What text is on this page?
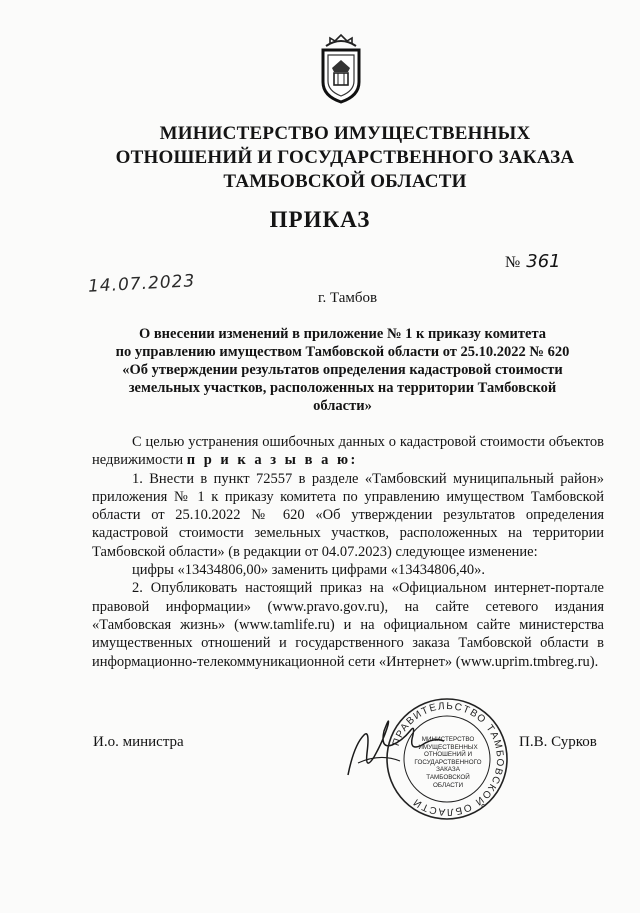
МИНИСТЕРСТВО ИМУЩЕСТВЕННЫХ
ОТНОШЕНИЙ И ГОСУДАРСТВЕННОГО ЗАКАЗА
ТАМБОВСКОЙ ОБЛАСТИ
ПРИКАЗ
14.07.2023
№ 361
г. Тамбов
О внесении изменений в приложение № 1 к приказу комитета
по управлению имуществом Тамбовской области от 25.10.2022 № 620
«Об утверждении результатов определения кадастровой стоимости
земельных участков, расположенных на территории Тамбовской
области»

С целью устранения ошибочных данных о кадастровой стоимости объектов недвижимости п р и к а з ы в а ю:

1. Внести в пункт 72557 в разделе «Тамбовский муниципальный район» приложения № 1 к приказу комитета по управлению имуществом Тамбовской области от 25.10.2022 № 620 «Об утверждении результатов определения кадастровой стоимости земельных участков, расположенных на территории Тамбовской области» (в редакции от 04.07.2023) следующее изменение:

цифры «13434806,00» заменить цифрами «13434806,40».

2. Опубликовать настоящий приказ на «Официальном интернет-портале правовой информации» (www.pravo.gov.ru), на сайте сетевого издания «Тамбовская жизнь» (www.tamlife.ru) и на официальном сайте министерства имущественных отношений и государственного заказа Тамбовской области в информационно-телекоммуникационной сети «Интернет» (www.uprim.tmbreg.ru).

И.о. министра	П.В. Сурков
ПРАВИТЕЛЬСТВО ТАМБОВСКОЙ ОБЛАСТИ
МИНИСТЕРСТВО
ИМУЩЕСТВЕННЫХ
ОТНОШЕНИЙ И
ГОСУДАРСТВЕННОГО
ЗАКАЗА
ТАМБОВСКОЙ
ОБЛАСТИ
